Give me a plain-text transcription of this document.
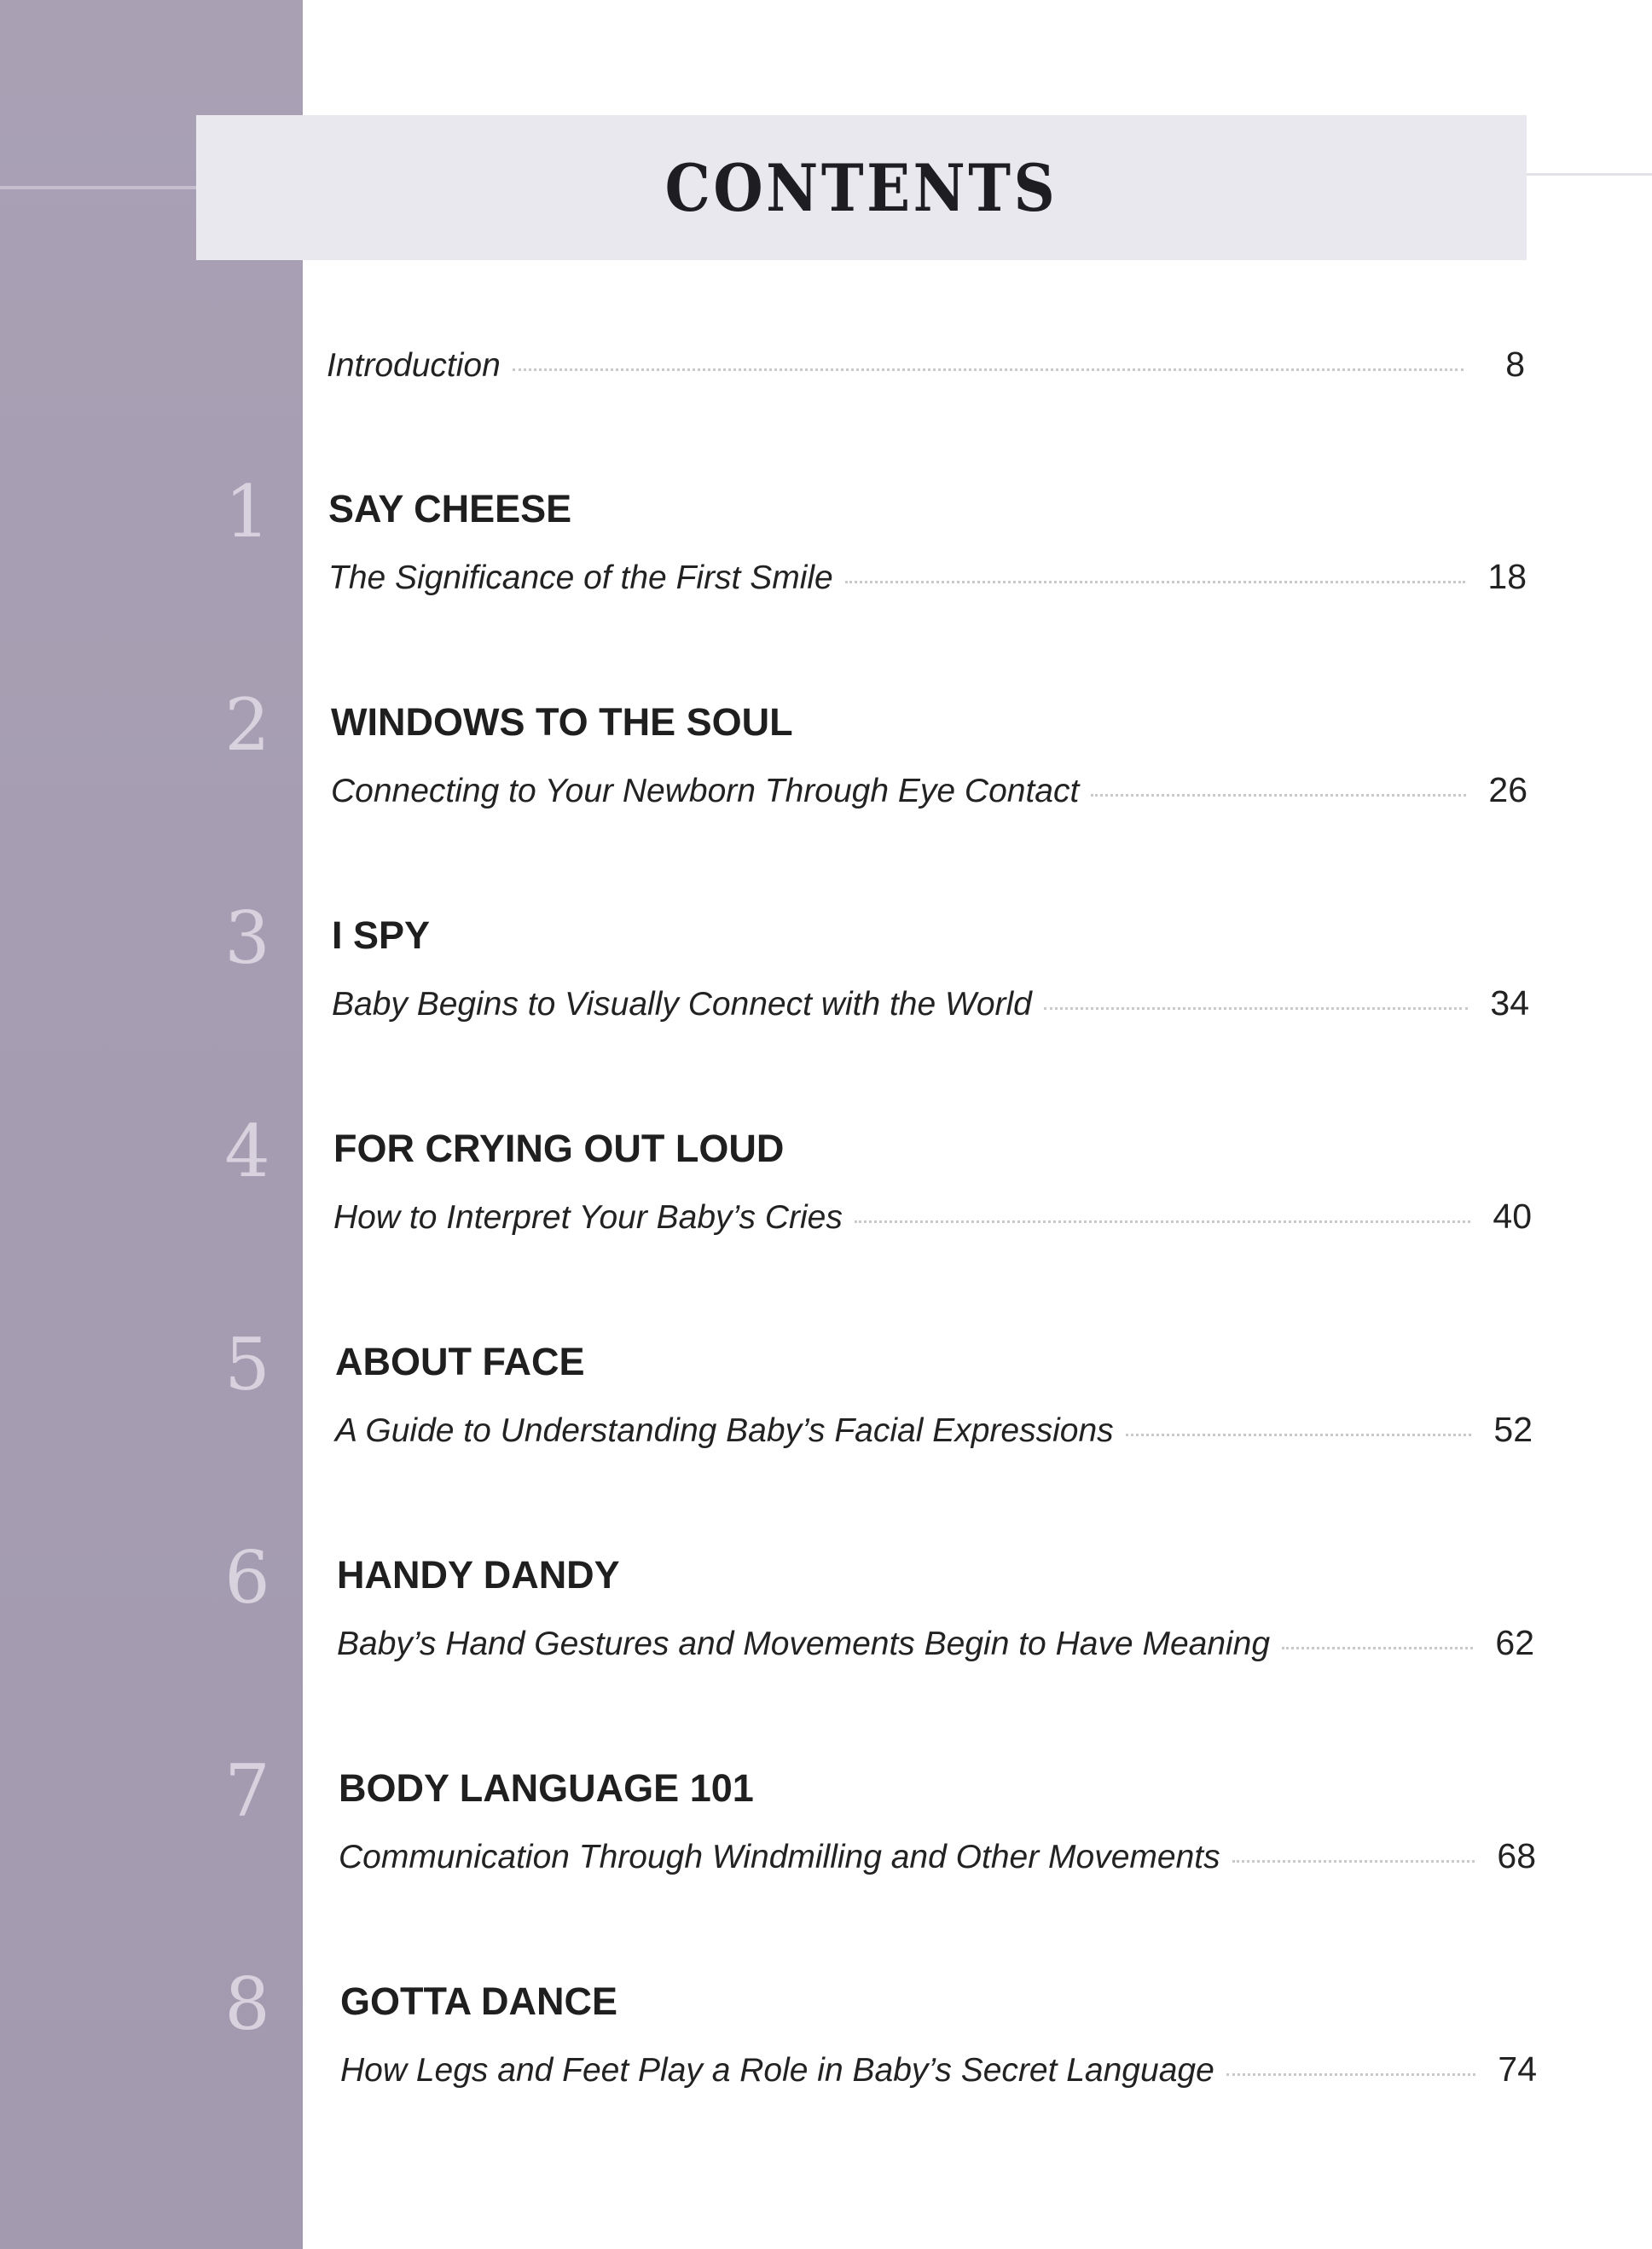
CONTENTS
Introduction	8
1	SAY CHEESE
The Significance of the First Smile	18
2	WINDOWS TO THE SOUL
Connecting to Your Newborn Through Eye Contact	26
3	I SPY
Baby Begins to Visually Connect with the World	34
4	FOR CRYING OUT LOUD
How to Interpret Your Baby’s Cries	40
5	ABOUT FACE
A Guide to Understanding Baby’s Facial Expressions	52
6	HANDY DANDY
Baby’s Hand Gestures and Movements Begin to Have Meaning	62
7	BODY LANGUAGE 101
Communication Through Windmilling and Other Movements	68
8	GOTTA DANCE
How Legs and Feet Play a Role in Baby’s Secret Language	74
